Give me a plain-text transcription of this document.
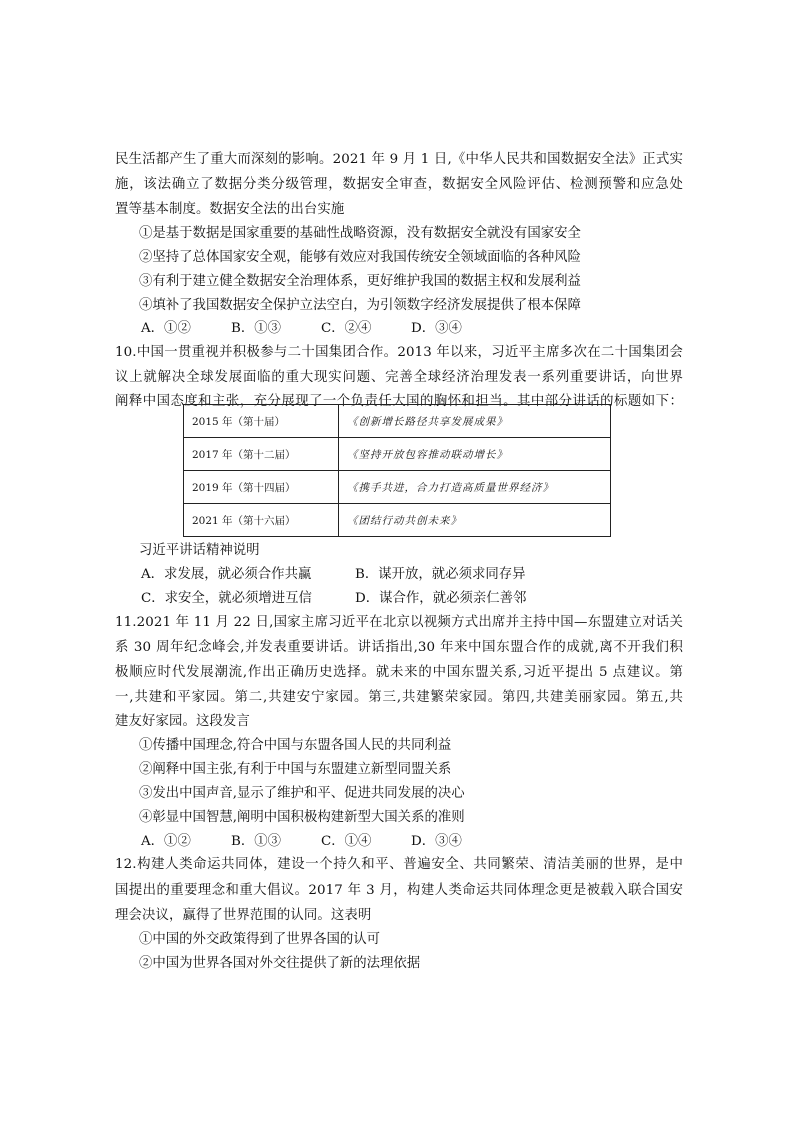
民生活都产生了重大而深刻的影响。2021 年 9 月 1 日,《中华人民共和国数据安全法》正式实
施，该法确立了数据分类分级管理，数据安全审查，数据安全风险评估、检测预警和应急处
置等基本制度。数据安全法的出台实施
①是基于数据是国家重要的基础性战略资源，没有数据安全就没有国家安全
②坚持了总体国家安全观，能够有效应对我国传统安全领域面临的各种风险
③有利于建立健全数据安全治理体系，更好维护我国的数据主权和发展利益
④填补了我国数据安全保护立法空白，为引领数字经济发展提供了根本保障
A．①②	B．①③	C．②④	D．③④
10.中国一贯重视并积极参与二十国集团合作。2013 年以来，习近平主席多次在二十国集团会
议上就解决全球发展面临的重大现实问题、完善全球经济治理发表一系列重要讲话，向世界
阐释中国态度和主张，充分展现了一个负责任大国的胸怀和担当。其中部分讲话的标题如下：
2015 年（第十届）	《创新增长路径共享发展成果》
2017 年（第十二届）	《坚持开放包容推动联动增长》
2019 年（第十四届）	《携手共进，合力打造高质量世界经济》
2021 年（第十六届）	《团结行动共创未来》
习近平讲话精神说明
A．求发展，就必须合作共赢	B．谋开放，就必须求同存异
C．求安全，就必须增进互信	D．谋合作，就必须亲仁善邻
11.2021 年 11 月 22 日,国家主席习近平在北京以视频方式出席并主持中国—东盟建立对话关
系 30 周年纪念峰会,并发表重要讲话。讲话指出,30 年来中国东盟合作的成就,离不开我们积
极顺应时代发展潮流,作出正确历史选择。就未来的中国东盟关系,习近平提出 5 点建议。第
一,共建和平家园。第二,共建安宁家园。第三,共建繁荣家园。第四,共建美丽家园。第五,共
建友好家园。这段发言
①传播中国理念,符合中国与东盟各国人民的共同利益
②阐释中国主张,有利于中国与东盟建立新型同盟关系
③发出中国声音,显示了维护和平、促进共同发展的决心
④彰显中国智慧,阐明中国积极构建新型大国关系的准则
A．①②	B．①③	C．①④	D．③④
12.构建人类命运共同体，建设一个持久和平、普遍安全、共同繁荣、清洁美丽的世界，是中
国提出的重要理念和重大倡议。2017 年 3 月，构建人类命运共同体理念更是被载入联合国安
理会决议，赢得了世界范围的认同。这表明
①中国的外交政策得到了世界各国的认可
②中国为世界各国对外交往提供了新的法理依据
